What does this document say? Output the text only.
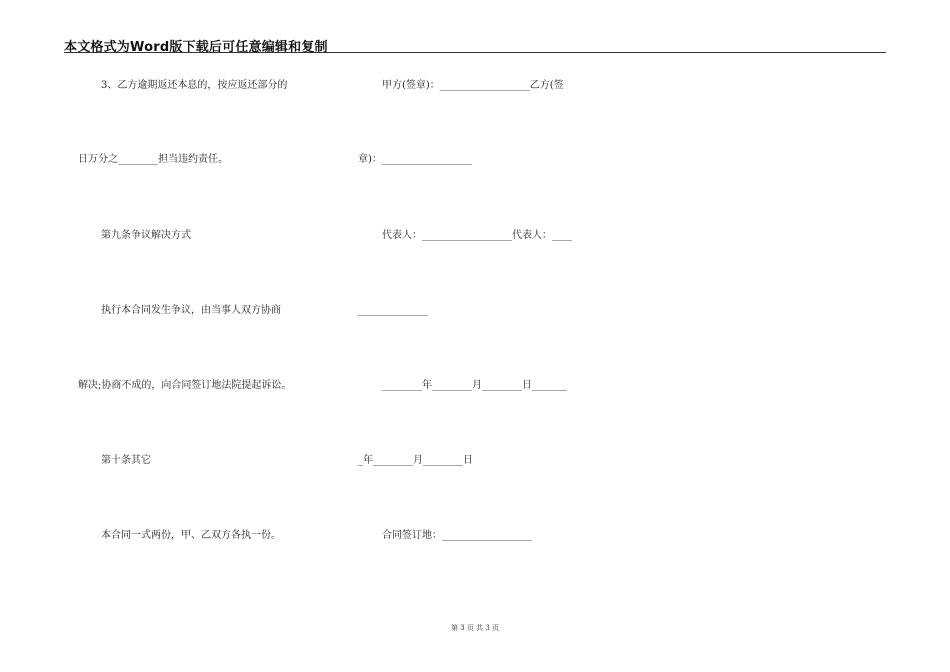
本文格式为Word版下载后可任意编辑和复制
3、乙方逾期返还本息的，按应返还部分的
日万分之________担当违约责任。
第九条争议解决方式
执行本合同发生争议，由当事人双方协商
解决;协商不成的，向合同签订地法院提起诉讼。
第十条其它
本合同一式两份，甲、乙双方各执一份。
甲方(签章)：__________________乙方(签
章)：__________________
代表人：__________________代表人：____
______________
________年________月________日_______
_年________月________日
合同签订地：__________________
第 3 页 共 3 页
